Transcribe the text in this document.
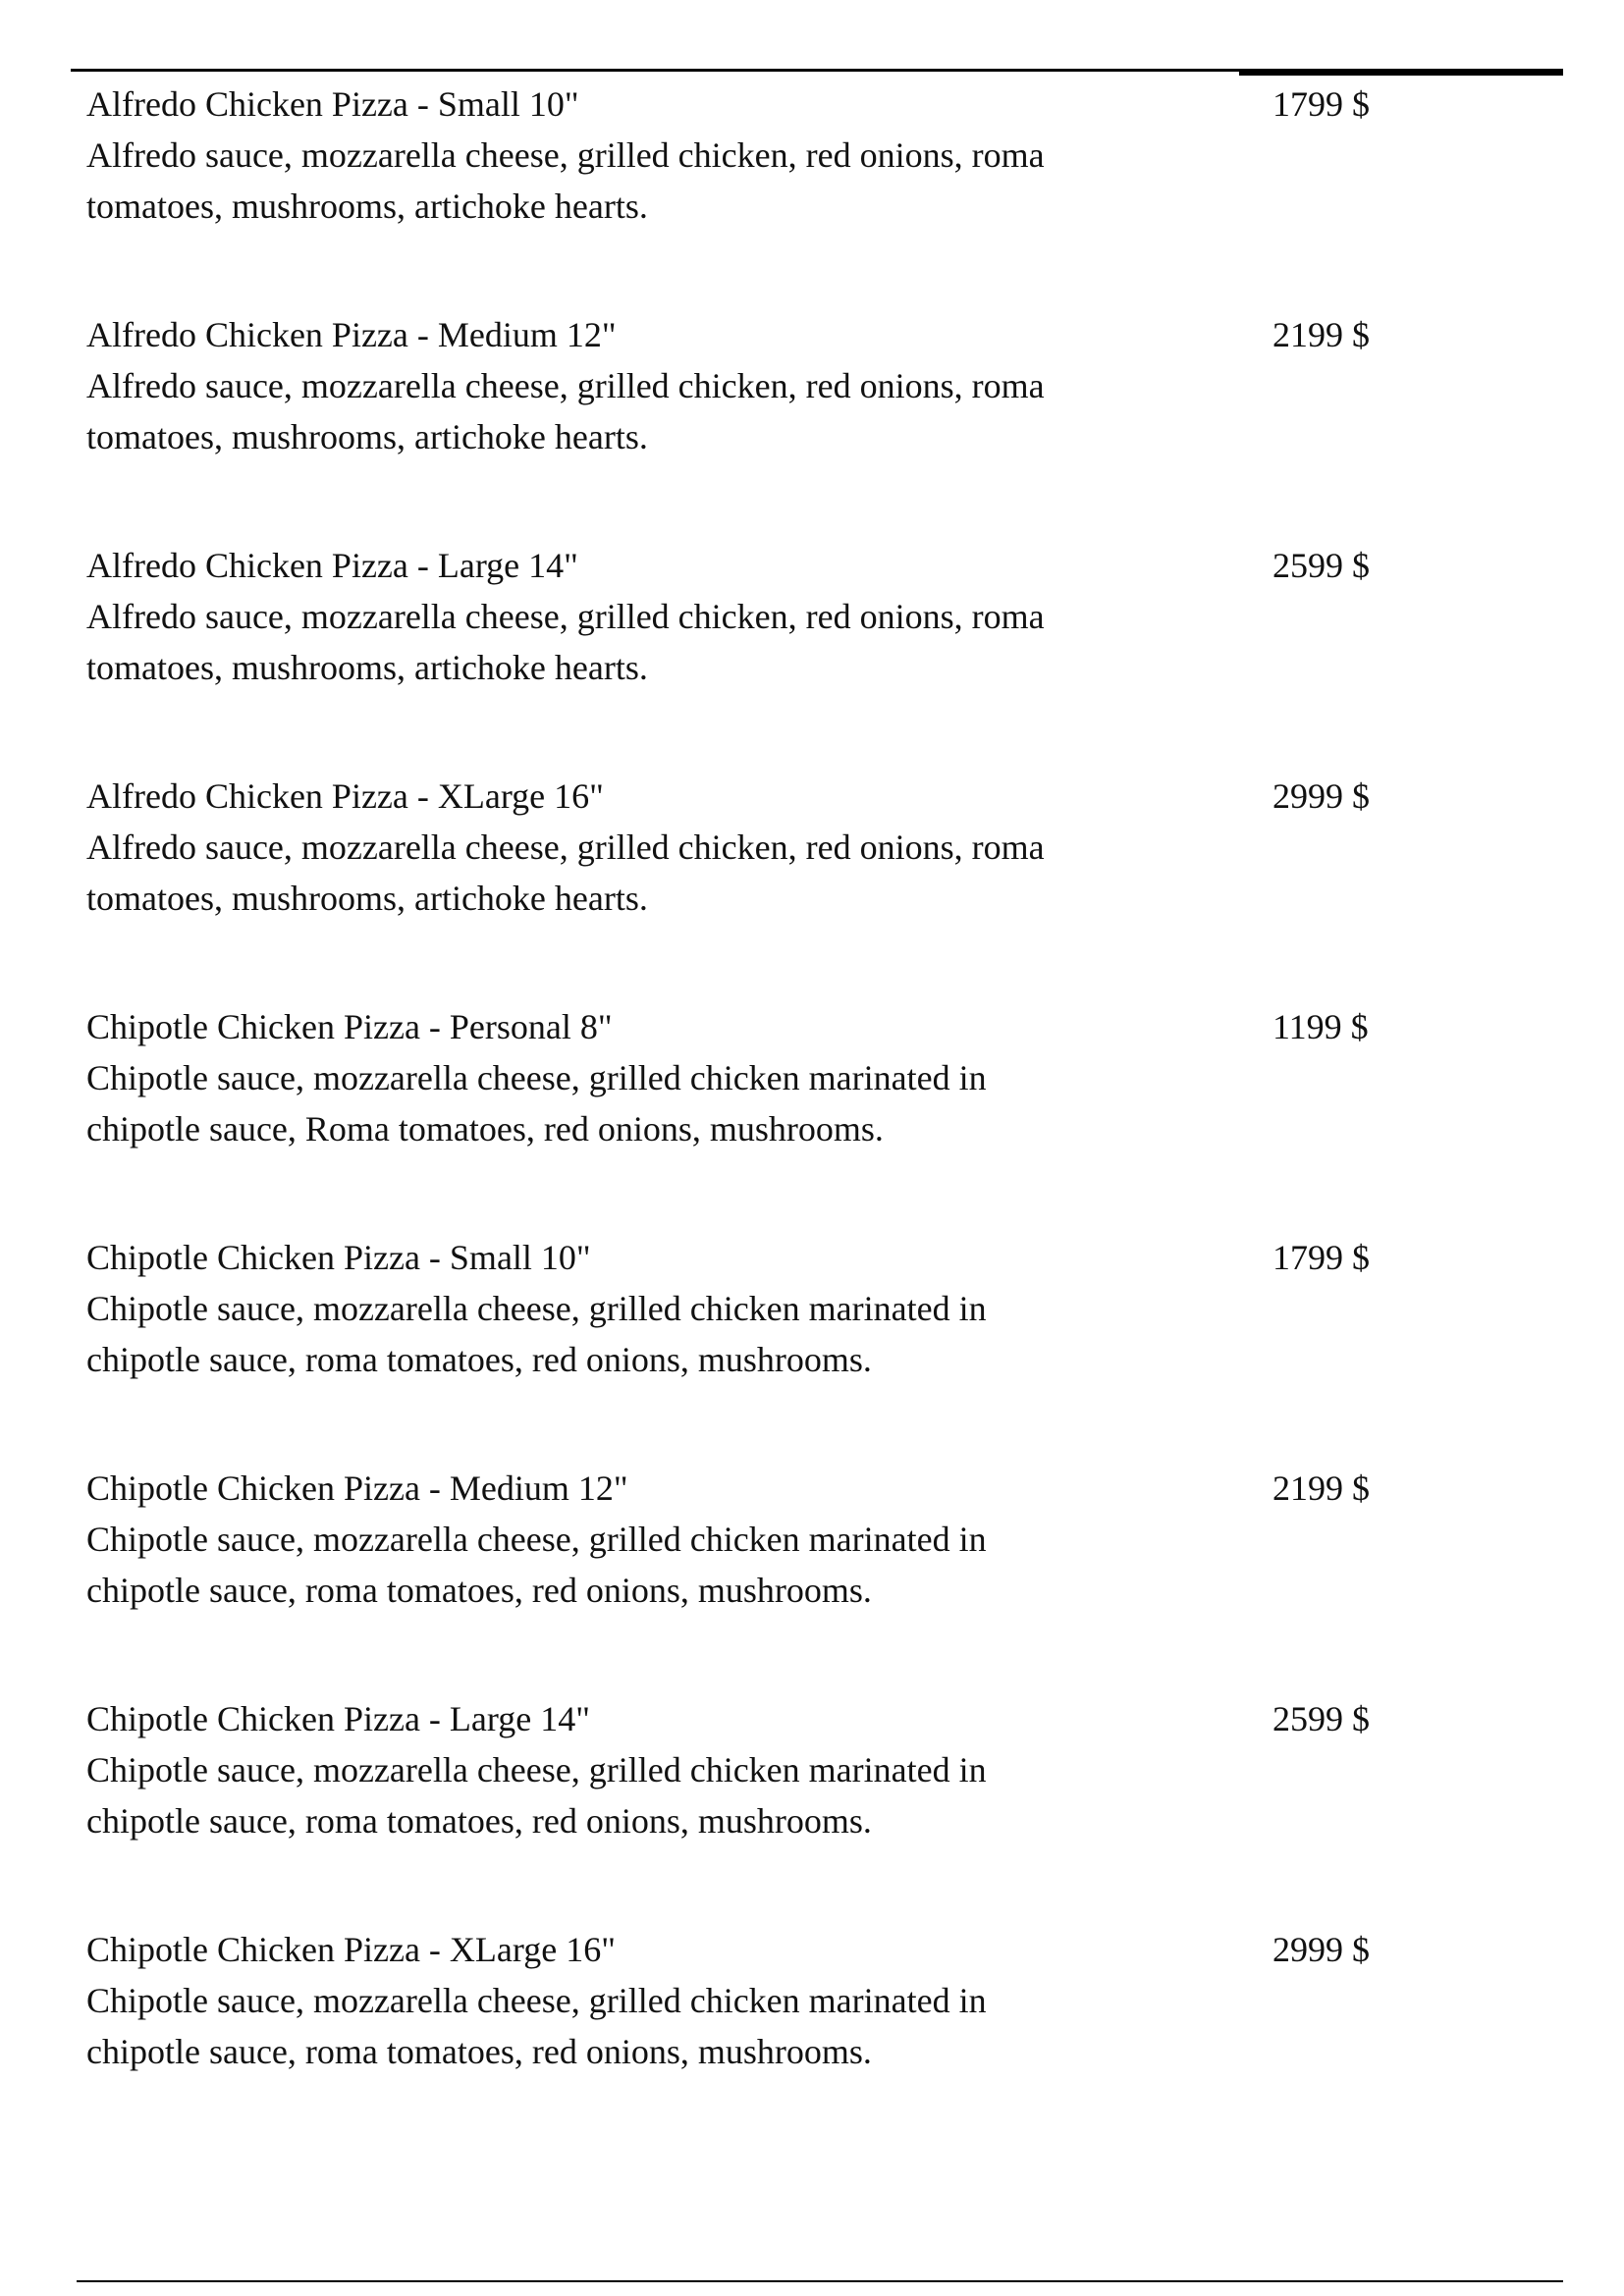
Alfredo Chicken Pizza - Small 10"	1799 $
Alfredo sauce, mozzarella cheese, grilled chicken, red onions, roma
tomatoes, mushrooms, artichoke hearts.
Alfredo Chicken Pizza - Medium 12"	2199 $
Alfredo sauce, mozzarella cheese, grilled chicken, red onions, roma
tomatoes, mushrooms, artichoke hearts.
Alfredo Chicken Pizza - Large 14"	2599 $
Alfredo sauce, mozzarella cheese, grilled chicken, red onions, roma
tomatoes, mushrooms, artichoke hearts.
Alfredo Chicken Pizza - XLarge 16"	2999 $
Alfredo sauce, mozzarella cheese, grilled chicken, red onions, roma
tomatoes, mushrooms, artichoke hearts.
Chipotle Chicken Pizza - Personal 8"	1199 $
Chipotle sauce, mozzarella cheese, grilled chicken marinated in
chipotle sauce, Roma tomatoes, red onions, mushrooms.
Chipotle Chicken Pizza - Small 10"	1799 $
Chipotle sauce, mozzarella cheese, grilled chicken marinated in
chipotle sauce, roma tomatoes, red onions, mushrooms.
Chipotle Chicken Pizza - Medium 12"	2199 $
Chipotle sauce, mozzarella cheese, grilled chicken marinated in
chipotle sauce, roma tomatoes, red onions, mushrooms.
Chipotle Chicken Pizza - Large 14"	2599 $
Chipotle sauce, mozzarella cheese, grilled chicken marinated in
chipotle sauce, roma tomatoes, red onions, mushrooms.
Chipotle Chicken Pizza - XLarge 16"	2999 $
Chipotle sauce, mozzarella cheese, grilled chicken marinated in
chipotle sauce, roma tomatoes, red onions, mushrooms.
